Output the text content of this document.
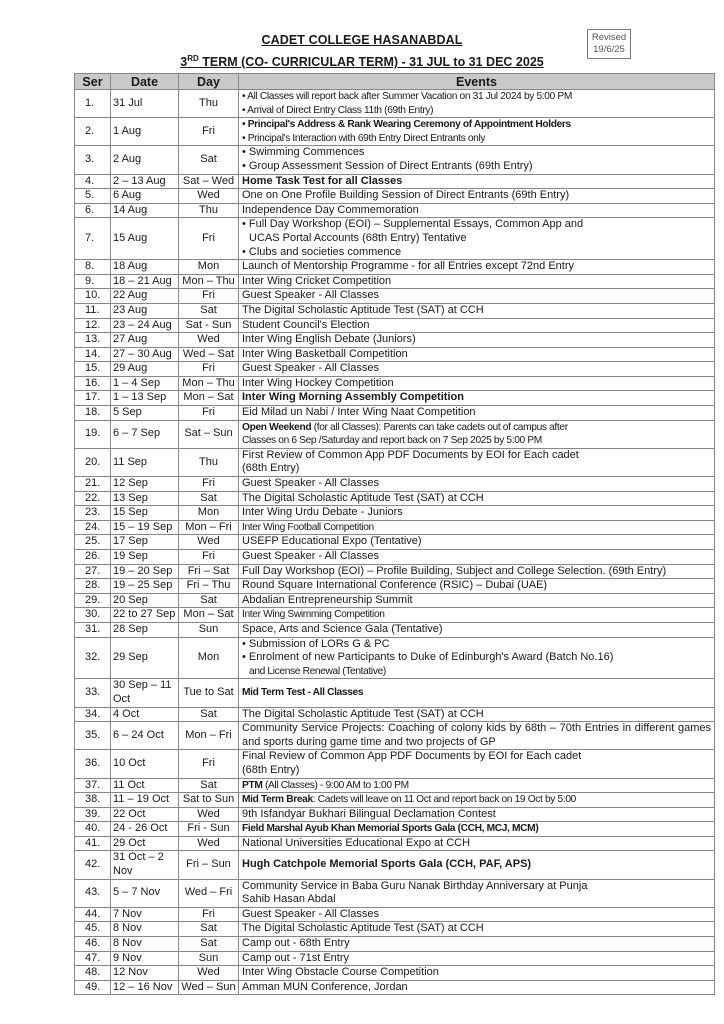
CADET COLLEGE HASANABDAL
3RD TERM (CO- CURRICULAR TERM) - 31 JUL to 31 DEC 2025
Revised
19/6/25
Ser	Date	Day	Events
1.	31 Jul	Thu	• All Classes will report back after Summer Vacation on 31 Jul 2024 by 5:00 PM
• Arrival of Direct Entry Class 11th (69th Entry)

2.	1 Aug	Fri	• Principal's Address & Rank Wearing Ceremony of Appointment Holders
• Principal's Interaction with 69th Entry Direct Entrants only

3.	2 Aug	Sat	• Swimming Commences
• Group Assessment Session of Direct Entrants (69th Entry)

4.	2 – 13 Aug	Sat – Wed	Home Task Test for all Classes

5.	6 Aug	Wed	One on One Profile Building Session of Direct Entrants (69th Entry)

6.	14 Aug	Thu	Independence Day Commemoration

7.	15 Aug	Fri	• Full Day Workshop (EOI) – Supplemental Essays, Common App and
UCAS Portal Accounts (68th Entry) Tentative
• Clubs and societies commence

8.	18 Aug	Mon	Launch of Mentorship Programme - for all Entries except 72nd Entry

9.	18 – 21 Aug	Mon – Thu	Inter Wing Cricket Competition

10.	22 Aug	Fri	Guest Speaker - All Classes

11.	23 Aug	Sat	The Digital Scholastic Aptitude Test (SAT) at CCH

12.	23 – 24 Aug	Sat - Sun	Student Council's Election

13.	27 Aug	Wed	Inter Wing English Debate (Juniors)

14.	27 – 30 Aug	Wed – Sat	Inter Wing Basketball Competition

15.	29 Aug	Fri	Guest Speaker - All Classes

16.	1 – 4 Sep	Mon – Thu	Inter Wing Hockey Competition

17.	1 – 13 Sep	Mon – Sat	Inter Wing Morning Assembly Competition

18.	5 Sep	Fri	Eid Milad un Nabi / Inter Wing Naat Competition

19.	6 – 7 Sep	Sat – Sun	Open Weekend (for all Classes): Parents can take cadets out of campus after
Classes on 6 Sep /Saturday and report back on 7 Sep 2025 by 5:00 PM

20.	11 Sep	Thu	First Review of Common App PDF Documents by EOI for Each cadet
(68th Entry)

21.	12 Sep	Fri	Guest Speaker - All Classes

22.	13 Sep	Sat	The Digital Scholastic Aptitude Test (SAT) at CCH

23.	15 Sep	Mon	Inter Wing Urdu Debate - Juniors

24.	15 – 19 Sep	Mon – Fri	Inter Wing Football Competition

25.	17 Sep	Wed	USEFP Educational Expo (Tentative)

26.	19 Sep	Fri	Guest Speaker - All Classes

27.	19 – 20 Sep	Fri – Sat	Full Day Workshop (EOI) – Profile Building, Subject and College Selection. (69th Entry)

28.	19 – 25 Sep	Fri – Thu	Round Square International Conference (RSIC) – Dubai (UAE)

29.	20 Sep	Sat	Abdalian Entrepreneurship Summit

30.	22 to 27 Sep	Mon – Sat	Inter Wing Swimming Competition

31.	28 Sep	Sun	Space, Arts and Science Gala (Tentative)

32.	29 Sep	Mon	• Submission of LORs G & PC
• Enrolment of new Participants to Duke of Edinburgh's Award (Batch No.16)
and License Renewal (Tentative)

33.	30 Sep – 11 Oct	Tue to Sat	Mid Term Test - All Classes

34.	4 Oct	Sat	The Digital Scholastic Aptitude Test (SAT) at CCH

35.	6 – 24 Oct	Mon – Fri	Community Service Projects: Coaching of colony kids by 68th – 70th Entries in different games and sports during game time and two projects of GP

36.	10 Oct	Fri	Final Review of Common App PDF Documents by EOI for Each cadet
(68th Entry)

37.	11 Oct	Sat	PTM (All Classes) - 9:00 AM to 1:00 PM

38.	11 – 19 Oct	Sat to Sun	Mid Term Break: Cadets will leave on 11 Oct and report back on 19 Oct by 5:00

39.	22 Oct	Wed	9th Isfandyar Bukhari Bilingual Declamation Contest

40.	24 - 26 Oct	Fri - Sun	Field Marshal Ayub Khan Memorial Sports Gala (CCH, MCJ, MCM)

41.	29 Oct	Wed	National Universities Educational Expo at CCH

42.	31 Oct – 2 Nov	Fri – Sun	Hugh Catchpole Memorial Sports Gala (CCH, PAF, APS)

43.	5 – 7 Nov	Wed – Fri	Community Service in Baba Guru Nanak Birthday Anniversary at Punja
Sahib Hasan Abdal

44.	7 Nov	Fri	Guest Speaker - All Classes

45.	8 Nov	Sat	The Digital Scholastic Aptitude Test (SAT) at CCH

46.	8 Nov	Sat	Camp out - 68th Entry

47.	9 Nov	Sun	Camp out - 71st Entry

48.	12 Nov	Wed	Inter Wing Obstacle Course Competition

49.	12 – 16 Nov	Wed – Sun	Amman MUN Conference, Jordan
